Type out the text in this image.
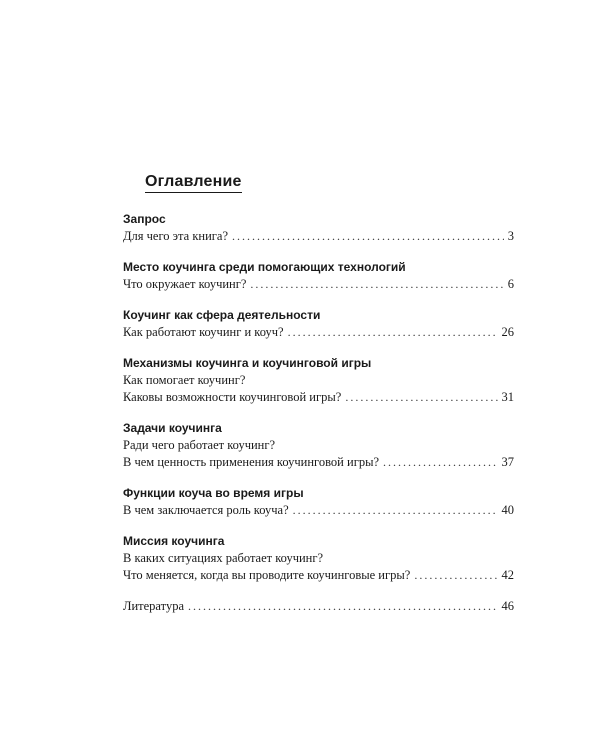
Оглавление
Запрос
Для чего эта книга? . . .	3
Место коучинга среди помогающих технологий
Что окружает коучинг? . . .	6
Коучинг как сфера деятельности
Как работают коучинг и коуч? . . .	26
Механизмы коучинга и коучинговой игры
Как помогает коучинг?
Каковы возможности коучинговой игры? . . .	31
Задачи коучинга
Ради чего работает коучинг?
В чем ценность применения коучинговой игры? . . .	37
Функции коуча во время игры
В чем заключается роль коуча? . . .	40
Миссия коучинга
В каких ситуациях работает коучинг?
Что меняется, когда вы проводите коучинговые игры? . . .	42
Литература . . .	46
